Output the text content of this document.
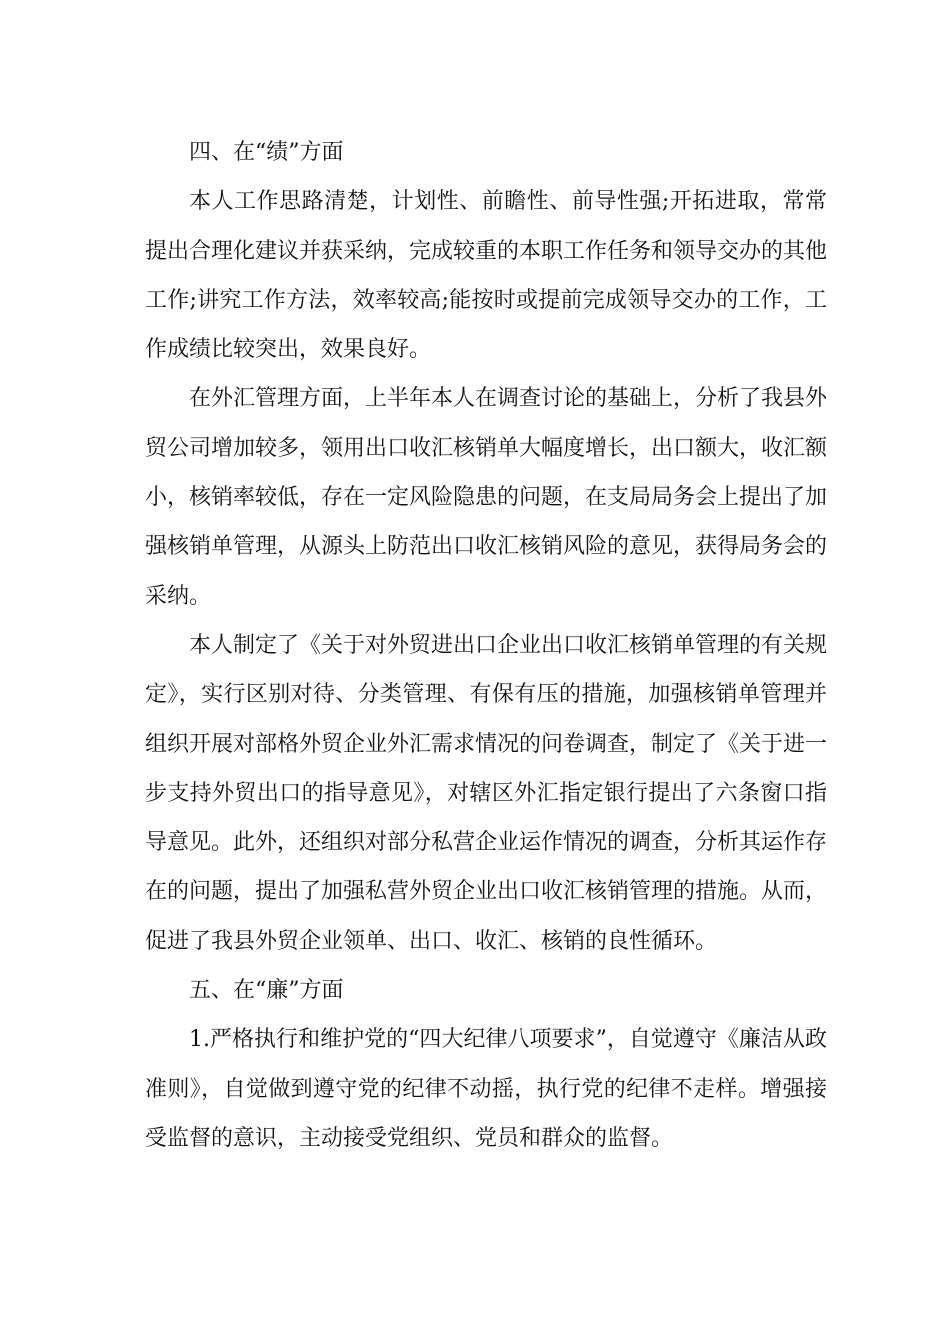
四、在“绩”方面

本人工作思路清楚，计划性、前瞻性、前导性强;开拓进取，常常提出合理化建议并获采纳，完成较重的本职工作任务和领导交办的其他工作;讲究工作方法，效率较高;能按时或提前完成领导交办的工作，工作成绩比较突出，效果良好。

在外汇管理方面，上半年本人在调查讨论的基础上，分析了我县外贸公司增加较多，领用出口收汇核销单大幅度增长，出口额大，收汇额小，核销率较低，存在一定风险隐患的问题，在支局局务会上提出了加强核销单管理，从源头上防范出口收汇核销风险的意见，获得局务会的采纳。

本人制定了《关于对外贸进出口企业出口收汇核销单管理的有关规定》，实行区别对待、分类管理、有保有压的措施，加强核销单管理并组织开展对部格外贸企业外汇需求情况的问卷调查，制定了《关于进一步支持外贸出口的指导意见》，对辖区外汇指定银行提出了六条窗口指导意见。此外，还组织对部分私营企业运作情况的调查，分析其运作存在的问题，提出了加强私营外贸企业出口收汇核销管理的措施。从而，促进了我县外贸企业领单、出口、收汇、核销的良性循环。

五、在“廉”方面

1.严格执行和维护党的“四大纪律八项要求”，自觉遵守《廉洁从政准则》，自觉做到遵守党的纪律不动摇，执行党的纪律不走样。增强接受监督的意识，主动接受党组织、党员和群众的监督。
